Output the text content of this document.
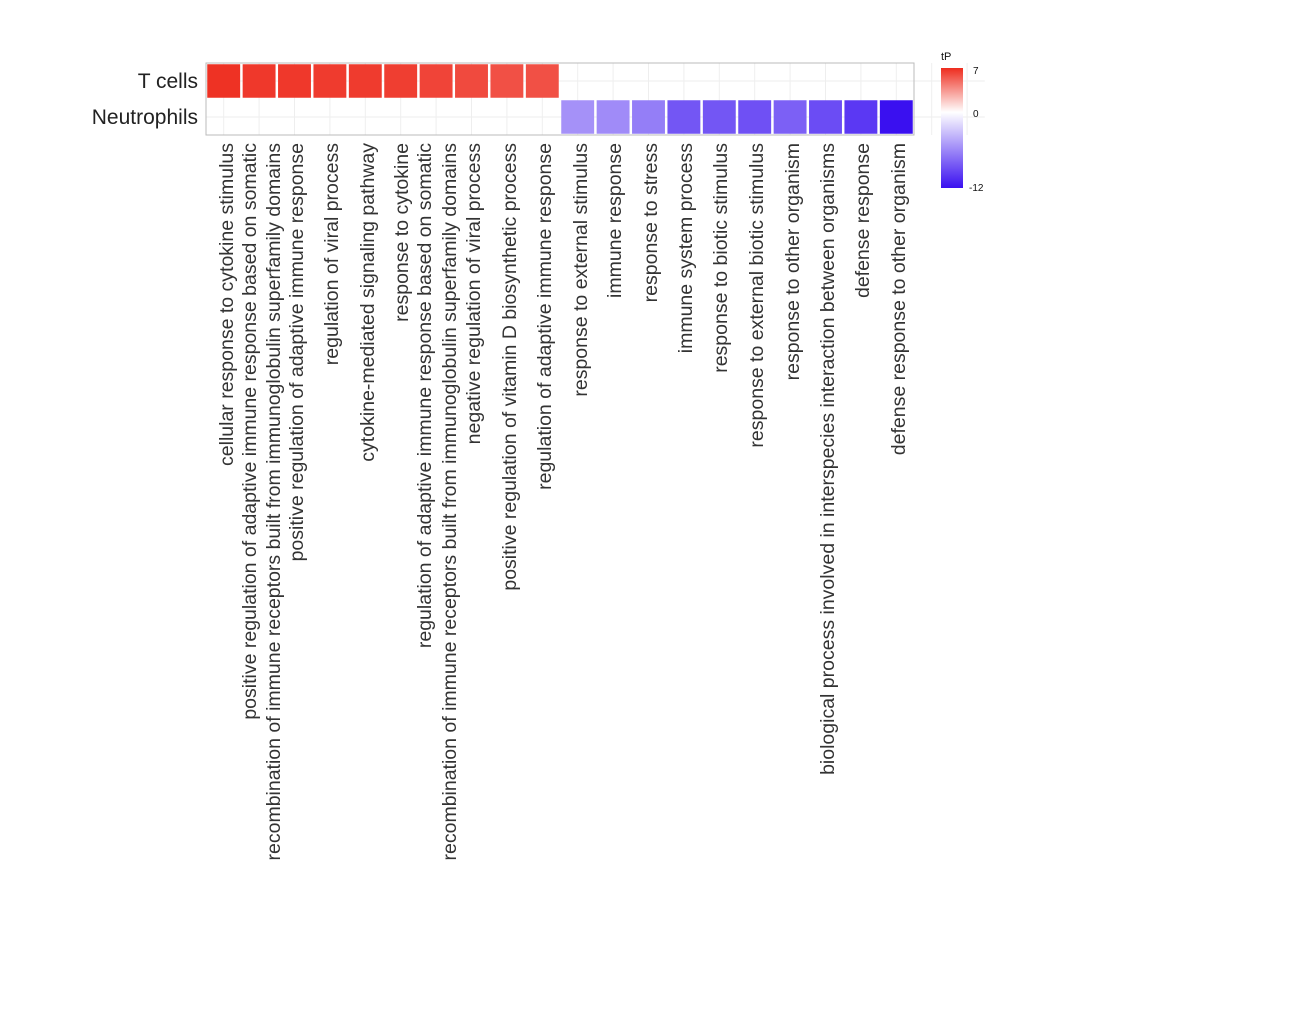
T cells
Neutrophils
cellular response to cytokine stimulus positive regulation of adaptive immune response based on somatic recombination of immune receptors built from immunoglobulin superfamily domains positive regulation of adaptive immune response regulation of viral process cytokine-mediated signaling pathway response to cytokine regulation of adaptive immune response based on somatic recombination of immune receptors built from immunoglobulin superfamily domains negative regulation of viral process positive regulation of vitamin D biosynthetic process regulation of adaptive immune response response to external stimulus immune response response to stress immune system process response to biotic stimulus response to external biotic stimulus response to other organism biological process involved in interspecies interaction between organisms defense response defense response to other organism
tP
7
0
-12
